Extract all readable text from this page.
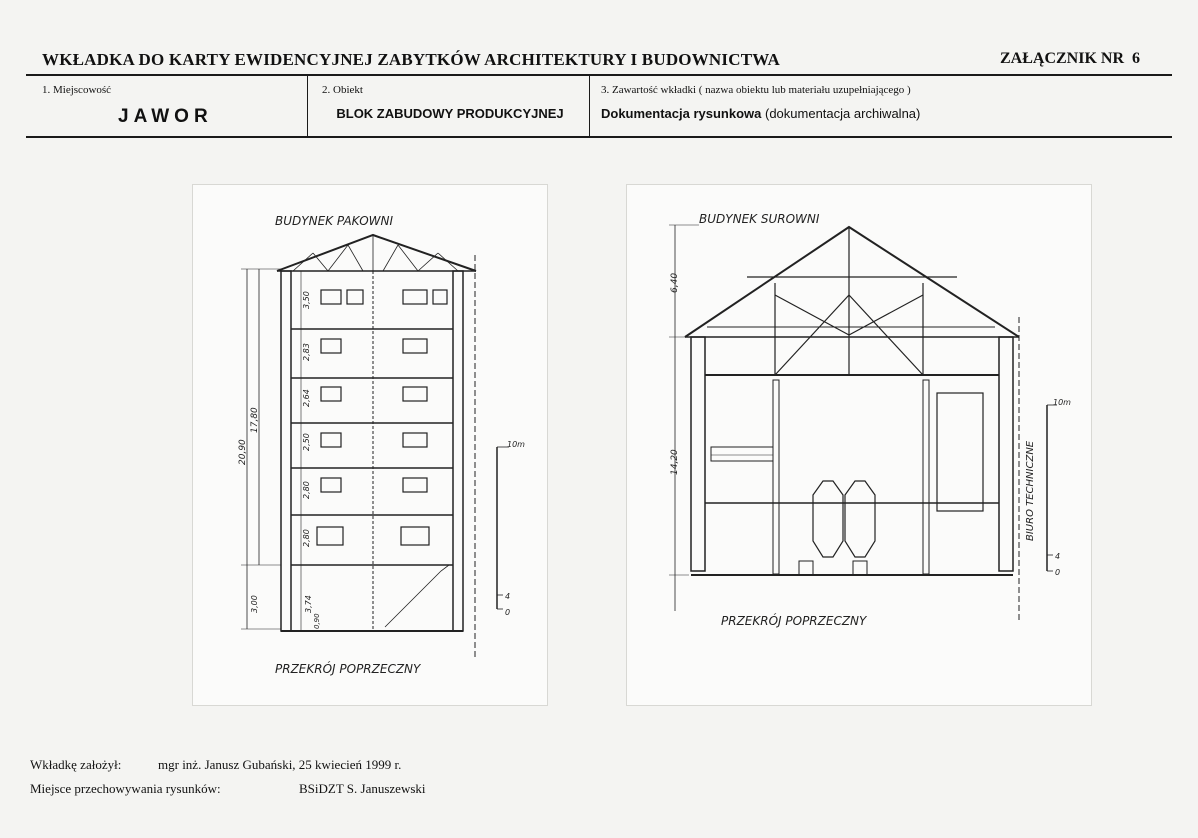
WKŁADKA DO KARTY EWIDENCYJNEJ ZABYTKÓW ARCHITEKTURY I BUDOWNICTWA	ZAŁĄCZNIK NR 6
1. Miejscowość
JAWOR
2. Obiekt
BLOK ZABUDOWY PRODUKCYJNEJ
3. Zawartość wkładki ( nazwa obiektu lub materiału uzupełniającego )
Dokumentacja rysunkowa (dokumentacja archiwalna)
BUDYNEK PAKOWNI
20,90
17,80
3,50
2,83
2,64
2,50
2,80
2,80
3,00	3,74
0,90
10m
4
0
PRZEKRÓJ POPRZECZNY
BUDYNEK SUROWNI
6,40
14,20	BIURO TECHNICZNE
10m
4
0
PRZEKRÓJ POPRZECZNY
Wkładkę założył:	mgr inż. Janusz Gubański, 25 kwiecień 1999 r.
Miejsce przechowywania rysunków:	BSiDZT S. Januszewski
